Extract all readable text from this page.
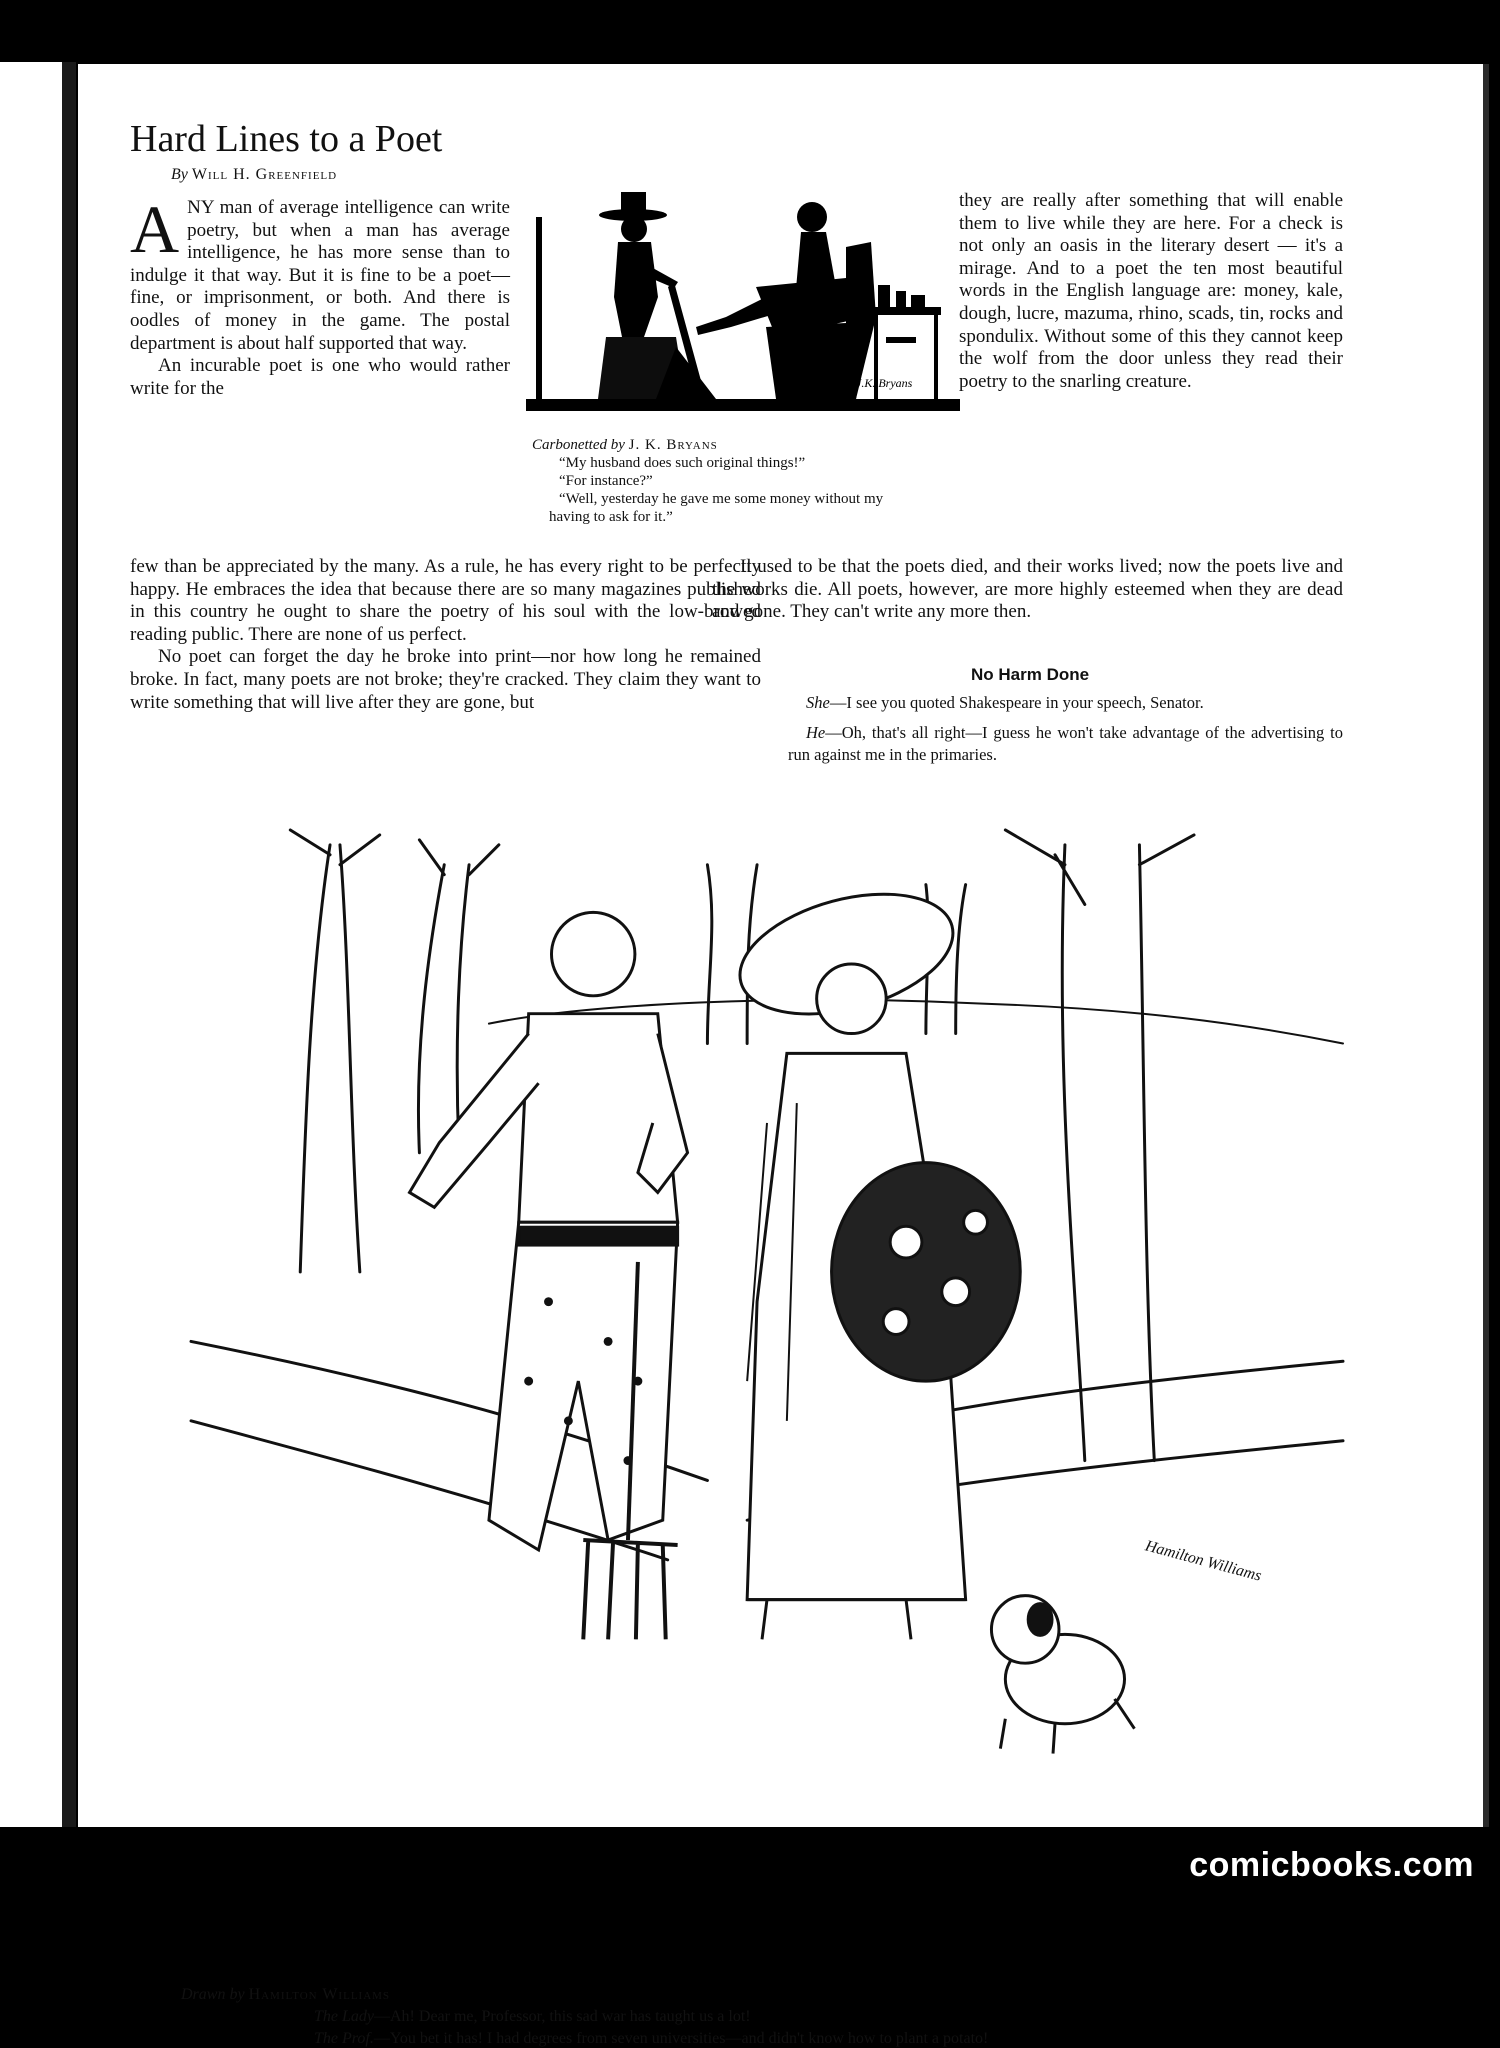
Hard Lines to a Poet
By Will H. Greenfield

A NY man of average intelligence can write poetry, but when a man has average intelligence, he has more sense than to indulge it that way. But it is fine to be a poet—fine, or imprisonment, or both. And there is oodles of money in the game. The postal department is about half supported that way.

An incurable poet is one who would rather write for the	J.K. Bryans
Carbonetted by J. K. Bryans
“My husband does such original things!”
“For instance?”
“Well, yesterday he gave me some money without my
having to ask for it.”

they are really after something that will enable them to live while they are here. For a check is not only an oasis in the literary desert — it's a mirage. And to a poet the ten most beautiful words in the English language are: money, kale, dough, lucre, mazuma, rhino, scads, tin, rocks and spondulix. Without some of this they cannot keep the wolf from the door unless they read their poetry to the snarling creature.

few than be appreciated by the many. As a rule, he has every right to be perfectly happy. He embraces the idea that because there are so many magazines published in this country he ought to share the poetry of his soul with the low-browed reading public. There are none of us perfect.

No poet can forget the day he broke into print—nor how long he remained broke. In fact, many poets are not broke; they're cracked. They claim they want to write something that will live after they are gone, but

It used to be that the poets died, and their works lived; now the poets live and the works die. All poets, however, are more highly esteemed when they are dead and gone. They can't write any more then.

No Harm Done

She—I see you quoted Shakespeare in your speech, Senator.

He—Oh, that's all right—I guess he won't take advantage of the advertising to run against me in the primaries.

Hamilton Williams
Drawn by Hamilton Williams
The Lady—Ah! Dear me, Professor, this sad war has taught us a lot!
The Prof.—You bet it has! I had degrees from seven universities—and didn't know how to plant a potato!
comicbooks.com
